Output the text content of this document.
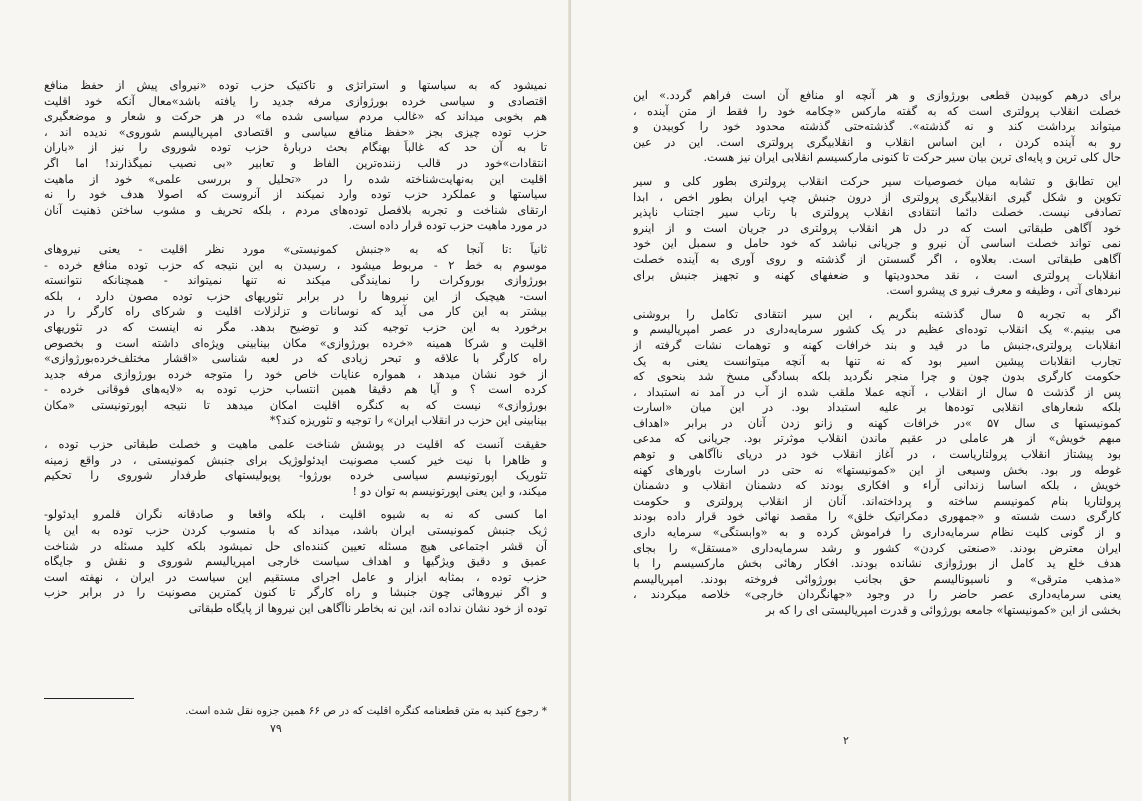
نمیشود که به سیاستها و استراتژی و تاکتیک حزب توده «نیروای پیش از حفظ منافع
اقتصادی و سیاسی خرده بورژوازی مرفه جدید را یافته باشد»معال آنکه خود اقلیت
هم بخوبی میداند که «غالب مردم سیاسی شده ما» در هر حرکت و شعار و موضعگیری
حزب توده چیزی بجز «حفظ منافع سیاسی و اقتصادی امپریالیسم شوروی» ندیده اند ،
تا به آن حد که غالباً بهنگام بحث دربارهٔ حزب توده شوروی را نیز از «باران
انتقادات»خود در قالب زننده‌ترین الفاظ و تعابیر «بی نصیب نمیگذارند! اما اگر
اقلیت این به‌نهایت‌شناخته شده را در «تحلیل و بررسی علمی» خود از ماهیت
سیاستها و عملکرد حزب توده وارد نمیکند از آنروست که اصولا هدف خود را نه
ارتقای شناخت و تجربه بلافصل توده‌های مردم ، بلکه تحریف و مشوب ساختن ذهنیت آنان
در مورد ماهیت حزب توده قرار داده است.
ثانیاً :تا آنجا که به «جنبش کمونیستی» مورد نظر اقلیت - یعنی نیروهای
موسوم به خط ۲ - مربوط میشود ، رسیدن به این نتیجه که حزب توده منافع خرده -
بورژوازی بوروکرات را نمایندگی میکند نه تنها نمیتواند - همچنانکه نتوانسته
است- هیچیک از این نیروها را در برابر تئوریهای حزب توده مصون دارد ، بلکه
بیشتر به این کار می آید که نوسانات و تزلزلات اقلیت و شرکای راه کارگر را در
برخورد به این حزب توجیه کند و توضیح بدهد. مگر نه اینست که در تئوریهای
اقلیت و شرکا همینه «خرده بورژوازی» مکان بینابینی ویژه‌ای داشته است و بخصوص
راه کارگر با علاقه و تبحر زیادی که در لعبه شناسی «اقشار مختلف‌خرده‌بورژوازی»
از خود نشان میدهد ، همواره عنایات خاص خود را متوجه خرده بورژوازی مرفه جدید
کرده است ؟ و آیا هم دقیقا همین انتساب حزب توده به «لایه‌های فوقانی خرده -
بورژوازی» نیست که به کنگره اقلیت امکان میدهد تا نتیجه اپورتونیستی «مکان
بینابینی این حزب در انقلاب ایران» را توجیه و تئوریزه کند؟*
حقیقت آنست که اقلیت در پوشش شناخت علمی ماهیت و خصلت طبقاتی حزب توده ،
و ظاهرا با نیت خیر کسب مصونیت ایدئولوژیک برای جنبش کمونیستی ، در واقع زمینه
تئوریک اپورتونیسم سیاسی خرده بورژوا- پوپولیستهای طرفدار شوروی را تحکیم
میکند، و این یعنی اپورتونیسم به توان دو !
اما کسی که نه به شیوه اقلیت ، بلکه واقعا و صادقانه نگران قلمرو ایدئولو-
ژیک جنبش کمونیستی ایران باشد، میداند که با منسوب کردن حزب توده به این یا
آن قشر اجتماعی هیچ مسئله تعیین کننده‌ای حل نمیشود بلکه کلید مسئله در شناخت
عمیق و دقیق ویژگیها و اهداف سیاست خارجی امپریالیسم شوروی و نقش و جایگاه
حزب توده ، بمثابه ابزار و عامل اجرای مستقیم این سیاست در ایران ، نهفته است
و اگر نیروهائی چون جنبشا و راه کارگر تا کنون کمترین مصونیت را در برابر حزب
توده از خود نشان نداده اند، این نه بخاطر ناآگاهی این نیروها از پایگاه طبقاتی
* رجوع کنید به متن قطعنامه کنگره اقلیت که در ص ۶۶ همین جزوه نقل شده است.
۷۹
برای درهم کوبیدن قطعی بورژوازی و هر آنچه او منافع آن است فراهم گردد.» این
خصلت انقلاب پرولتری است که به گفته مارکس «چکامه خود را فقط از متن آینده ،
میتواند برداشت کند و نه گذشته». گذشته‌حتی گذشته محدود خود را کوبیدن و
رو به آینده کردن ، این اساس انقلاب و انقلابیگری پرولتری است. این در عین
حال کلی ترین و پایه‌ای ترین بیان سیر حرکت تا کنونی مارکسیسم انقلابی ایران نیز هست.
این تطابق و تشابه میان خصوصیات سیر حرکت انقلاب پرولتری بطور کلی و سیر
تکوین و شکل گیری انقلابیگری پرولتری از درون جنبش چپ ایران بطور اخص ، ابدا
تصادفی نیست. خصلت دائما انتقادی انقلاب پرولتری با رتاب سیر اجتناب ناپذیر
خود آگاهی طبقاتی است که در دل هر انقلاب پرولتری در جریان است و از اینرو
نمی تواند خصلت اساسی آن نیرو و جریانی نباشد که خود حامل و سمبل این خود
آگاهی طبقاتی است. بعلاوه ، اگر گسستن از گذشته و روی آوری به آینده خصلت
انقلابات پرولتری است ، نقد محدودیتها و ضعفهای کهنه و تجهیز جنبش برای
نبردهای آتی ، وظیفه و معرف نیرو ی پیشرو است.
اگر به تجربه ۵ سال گذشته بنگریم ، این سیر انتقادی تکامل را بروشنی
می بینیم.» یک انقلاب توده‌ای عظیم در یک کشور سرمایه‌داری در عصر امپریالیسم و
انقلابات پرولتری،جنبش ما در قید و بند خرافات کهنه و توهمات نشات گرفته از
تجارب انقلابات پیشین اسیر بود که نه تنها به آنچه میتوانست یعنی به یک
حکومت کارگری بدون چون و چرا منجر نگردید بلکه بسادگی مسخ شد بنحوی که
پس از گذشت ۵ سال از انقلاب ، آنچه عملا ملقب شده از آب در آمد نه استبداد ،
بلکه شعارهای انقلابی توده‌ها بر علیه استبداد بود. در این میان «اسارت
کمونیستها ی سال ۵۷ »در خرافات کهنه و زانو زدن آنان در برابر «اهداف
مبهم خویش» از هر عاملی در عقیم ماندن انقلاب موثرتر بود. جریانی که مدعی
بود پیشتاز انقلاب پرولتاریاست ، در آغاز انقلاب خود در دریای ناآگاهی و توهم
غوطه ور بود. بخش وسیعی از این «کمونیستها» نه حتی در اسارت باورهای کهنه
خویش ، بلکه اساسا زندانی آراء و افکاری بودند که دشمنان انقلاب و دشمنان
پرولتاریا بنام کمونیسم ساخته و پرداخته‌اند. آنان از انقلاب پرولتری و حکومت
کارگری دست شسته و «جمهوری دمکراتیک خلق» را مقصد نهائی خود قرار داده بودند
و از گونی کلیت نظام سرمایه‌داری را فراموش کرده و به «وابستگی» سرمایه داری
ایران معترض بودند. «صنعتی کردن» کشور و رشد سرمایه‌داری «مستقل» را بجای
هدف خلع ید کامل از بورژوازی نشانده بودند. افکار رهائی بخش مارکسیسم را با
«مذهب مترقی» و ناسیونالیسم حق بجانب بورژوائی فروخته بودند. امپریالیسم
یعنی سرمایه‌داری عصر حاضر را در وجود «جهانگردان خارجی» خلاصه میکردند ،
بخشی از این «کمونیستها» جامعه بورژوائی و قدرت امپریالیستی ای را که بر
۲
